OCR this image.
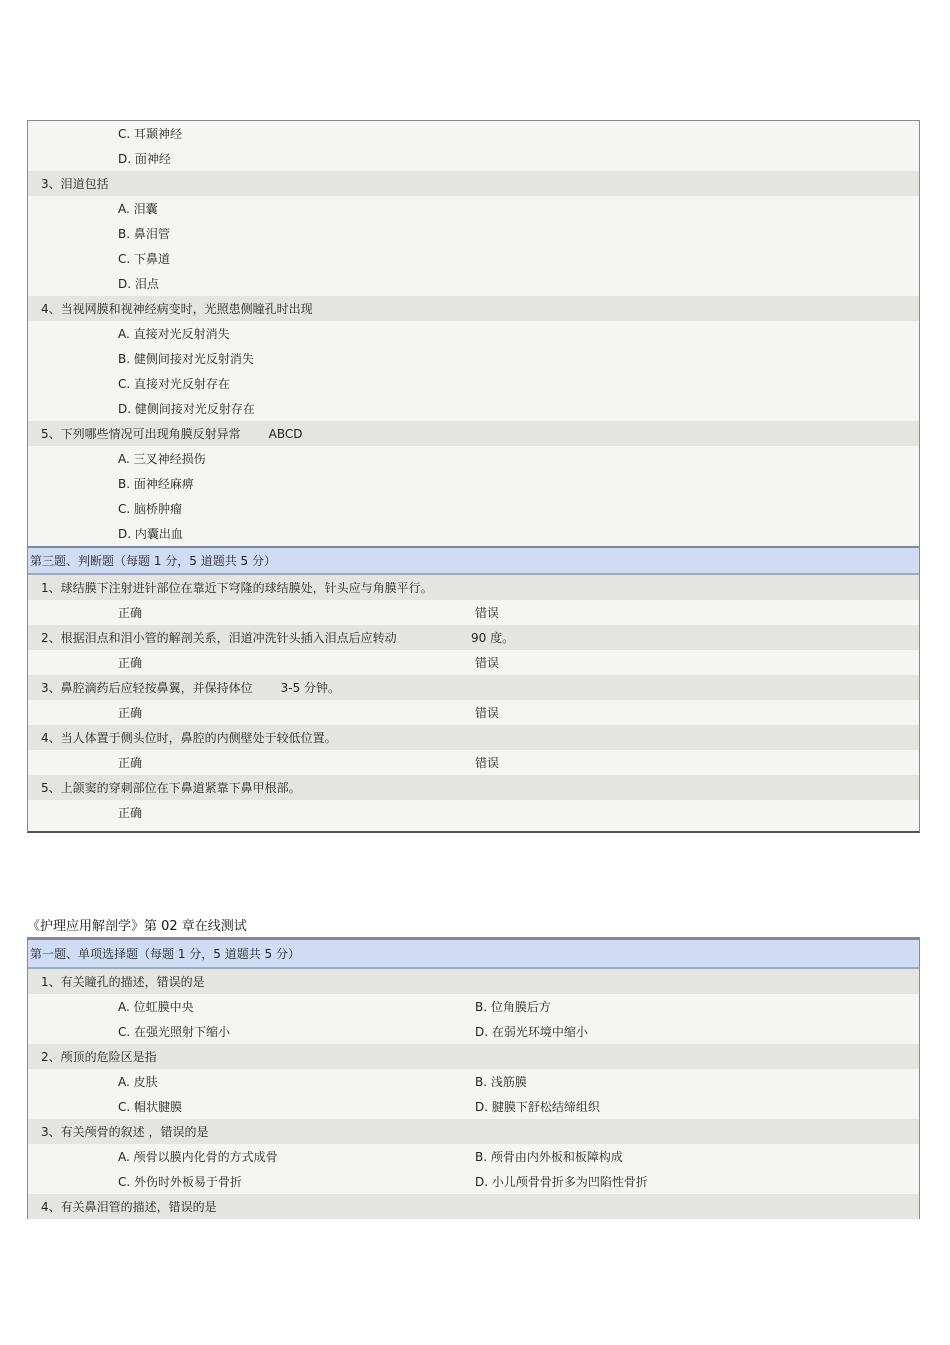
C. 耳颞神经
D. 面神经
3、泪道包括
A. 泪囊
B. 鼻泪管
C. 下鼻道
D. 泪点
4、当视网膜和视神经病变时，光照患侧瞳孔时出现
A. 直接对光反射消失
B. 健侧间接对光反射消失
C. 直接对光反射存在
D. 健侧间接对光反射存在
5、下列哪些情况可出现角膜反射异常 ABCD
A. 三叉神经损伤
B. 面神经麻痹
C. 脑桥肿瘤
D. 内囊出血
第三题、判断题（每题 1 分，5 道题共 5 分）
1、球结膜下注射进针部位在靠近下穹隆的球结膜处，针头应与角膜平行。
正确	错误
2、根据泪点和泪小管的解剖关系，泪道冲洗针头插入泪点后应转动	90 度。
正确	错误
3、鼻腔滴药后应轻按鼻翼，并保持体位 3-5 分钟。
正确	错误
4、当人体置于侧头位时，鼻腔的内侧壁处于较低位置。
正确	错误
5、上颌窦的穿刺部位在下鼻道紧靠下鼻甲根部。
正确
《护理应用解剖学》第 02 章在线测试
第一题、单项选择题（每题 1 分，5 道题共 5 分）
1、有关瞳孔的描述，错误的是
A. 位虹膜中央	B. 位角膜后方
C. 在强光照射下缩小	D. 在弱光环境中缩小
2、颅顶的危险区是指
A. 皮肤	B. 浅筋膜
C. 帽状腱膜	D. 腱膜下舒松结缔组织
3、有关颅骨的叙述 ，错误的是
A. 颅骨以膜内化骨的方式成骨	B. 颅骨由内外板和板障构成
C. 外伤时外板易于骨折	D. 小儿颅骨骨折多为凹陷性骨折
4、有关鼻泪管的描述，错误的是
